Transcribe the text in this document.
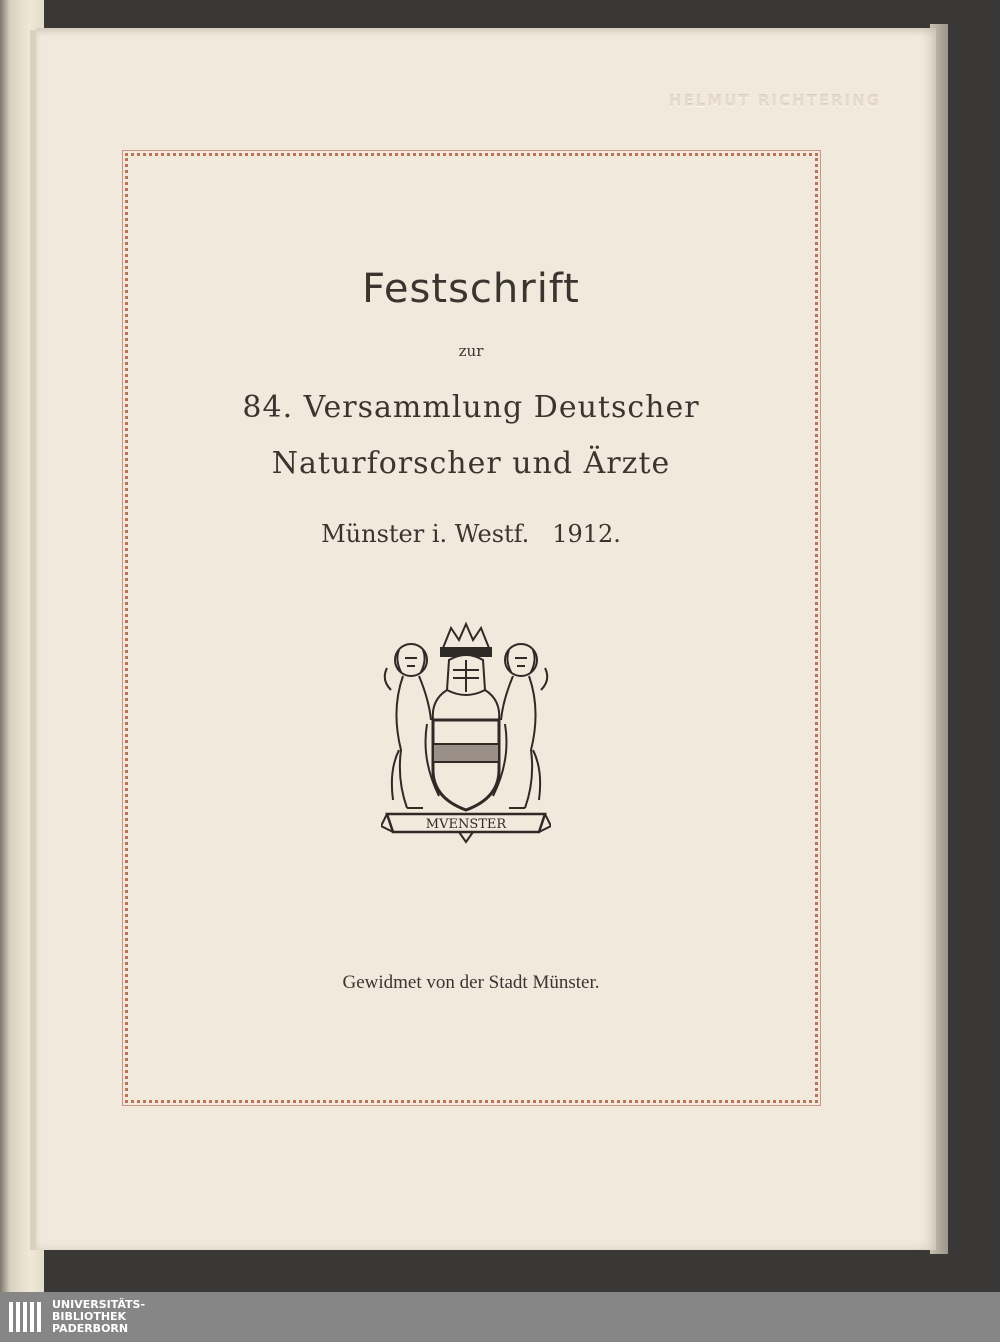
HELMUT RICHTERING
Festschrift
zur
84. Versammlung Deutscher
Naturforscher und Ärzte
Münster i. Westf.   1912.
MVENSTER
Gewidmet von der Stadt Münster.
UNIVERSITÄTS-
BIBLIOTHEK
PADERBORN
